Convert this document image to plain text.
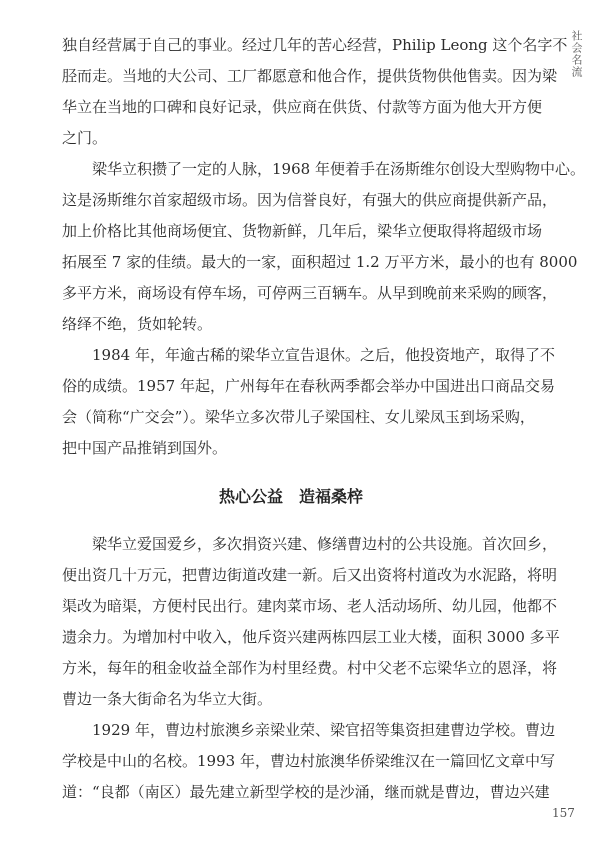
社会名流
独自经营属于自己的事业。经过几年的苦心经营，Philip Leong 这个名字不
胫而走。当地的大公司、工厂都愿意和他合作，提供货物供他售卖。因为梁
华立在当地的口碑和良好记录，供应商在供货、付款等方面为他大开方便
之门。
梁华立积攒了一定的人脉，1968 年便着手在汤斯维尔创设大型购物中心。
这是汤斯维尔首家超级市场。因为信誉良好，有强大的供应商提供新产品，
加上价格比其他商场便宜、货物新鲜，几年后，梁华立便取得将超级市场
拓展至 7 家的佳绩。最大的一家，面积超过 1.2 万平方米，最小的也有 8000
多平方米，商场设有停车场，可停两三百辆车。从早到晚前来采购的顾客，
络绎不绝，货如轮转。
1984 年，年逾古稀的梁华立宣告退休。之后，他投资地产，取得了不
俗的成绩。1957 年起，广州每年在春秋两季都会举办中国进出口商品交易
会（简称“广交会”）。梁华立多次带儿子梁国柱、女儿梁凤玉到场采购，
把中国产品推销到国外。
热心公益　造福桑梓
梁华立爱国爱乡，多次捐资兴建、修缮曹边村的公共设施。首次回乡，
便出资几十万元，把曹边街道改建一新。后又出资将村道改为水泥路，将明
渠改为暗渠，方便村民出行。建肉菜市场、老人活动场所、幼儿园，他都不
遗余力。为增加村中收入，他斥资兴建两栋四层工业大楼，面积 3000 多平
方米，每年的租金收益全部作为村里经费。村中父老不忘梁华立的恩泽，将
曹边一条大街命名为华立大街。
1929 年，曹边村旅澳乡亲梁业荣、梁官招等集资担建曹边学校。曹边
学校是中山的名校。1993 年，曹边村旅澳华侨梁维汉在一篇回忆文章中写
道：“良都（南区）最先建立新型学校的是沙涌，继而就是曹边，曹边兴建
157
